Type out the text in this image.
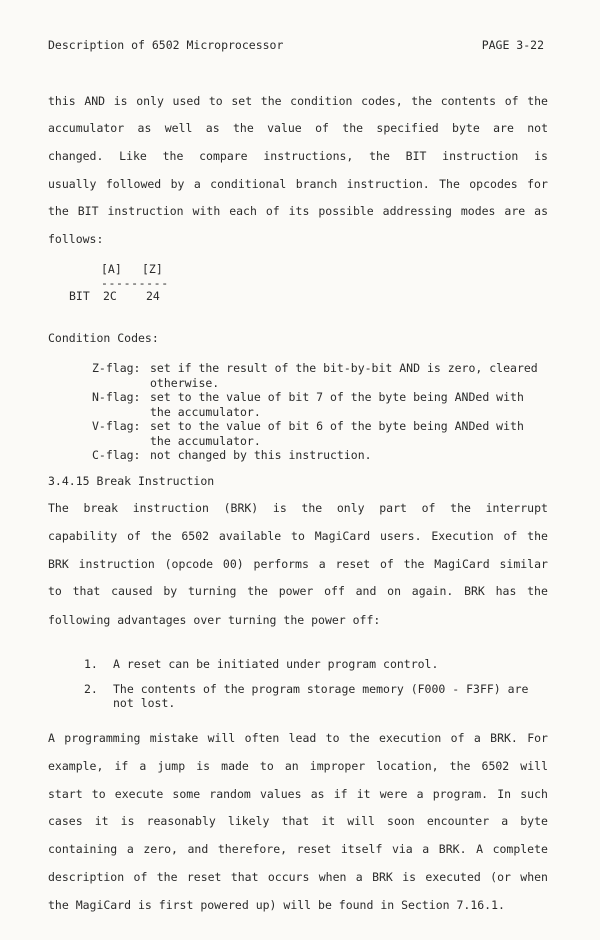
Description of 6502 Microprocessor	PAGE 3-22
this AND is only used to set the condition codes, the contents of the
accumulator as well as the value of the specified byte are not
changed. Like the compare instructions, the BIT instruction is
usually followed by a conditional branch instruction. The opcodes for
the BIT instruction with each of its possible addressing modes are as
follows:
[A] [Z]
---------
BIT 2C	24
Condition Codes:
Z-flag: set if the result of the bit-by-bit AND is zero, cleared otherwise.
N-flag: set to the value of bit 7 of the byte being ANDed with the accumulator.
V-flag: set to the value of bit 6 of the byte being ANDed with the accumulator.
C-flag: not changed by this instruction.
3.4.15 Break Instruction
The break instruction (BRK) is the only part of the interrupt
capability of the 6502 available to MagiCard users. Execution of the
BRK instruction (opcode 00) performs a reset of the MagiCard similar
to that caused by turning the power off and on again. BRK has the
following advantages over turning the power off:
1.	A reset can be initiated under program control.
2.	The contents of the program storage memory (F000 - F3FF) are not lost.
A programming mistake will often lead to the execution of a BRK. For
example, if a jump is made to an improper location, the 6502 will
start to execute some random values as if it were a program. In such
cases it is reasonably likely that it will soon encounter a byte
containing a zero, and therefore, reset itself via a BRK. A complete
description of the reset that occurs when a BRK is executed (or when
the MagiCard is first powered up) will be found in Section 7.16.1.
